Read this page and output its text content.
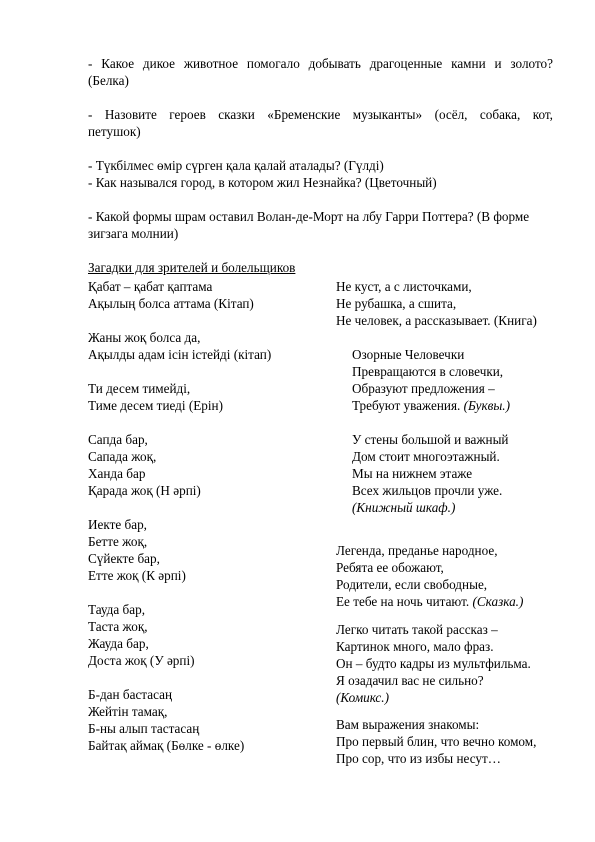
- Какое дикое животное помогало добывать драгоценные камни и золото?
(Белка)
- Назовите героев сказки «Бременские музыканты» (осёл, собака, кот,
петушок)
- Түкбілмес өмір сүрген қала қалай аталады? (Гүлді)
- Как назывался город, в котором жил Незнайка? (Цветочный)
- Какой формы шрам оставил Волан-де-Морт на лбу Гарри Поттера? (В форме
зигзага молнии)
Загадки для зрителей и болельщиков
Қабат – қабат қаптама
Ақылың болса аттама (Кітап)
Жаны жоқ болса да,
Ақылды адам ісін істейді (кітап)
Ти десем тимейді,
Тиме десем тиеді (Ерін)
Сапда бар,
Сапада жоқ,
Ханда бар
Қарада жоқ (Н әрпі)
Иекте бар,
Бетте жоқ,
Сүйекте бар,
Етте жоқ (К әрпі)
Тауда бар,
Таста жоқ,
Жауда бар,
Доста жоқ (У әрпі)
Б-дан бастасаң
Жейтін тамақ,
Б-ны алып тастасаң
Байтақ аймақ (Бөлке - өлке)
Не куст, а с листочками,
Не рубашка, а сшита,
Не человек, а рассказывает. (Книга)
Озорные Человечки
Превращаются в словечки,
Образуют предложения –
Требуют уважения. (Буквы.)
У стены большой и важный
Дом стоит многоэтажный.
Мы на нижнем этаже
Всех жильцов прочли уже.
(Книжный шкаф.)
Легенда, преданье народное,
Ребята ее обожают,
Родители, если свободные,
Ее тебе на ночь читают. (Сказка.)
Легко читать такой рассказ –
Картинок много, мало фраз.
Он – будто кадры из мультфильма.
Я озадачил вас не сильно?
(Комикс.)
Вам выражения знакомы:
Про первый блин, что вечно комом,
Про сор, что из избы несут…
